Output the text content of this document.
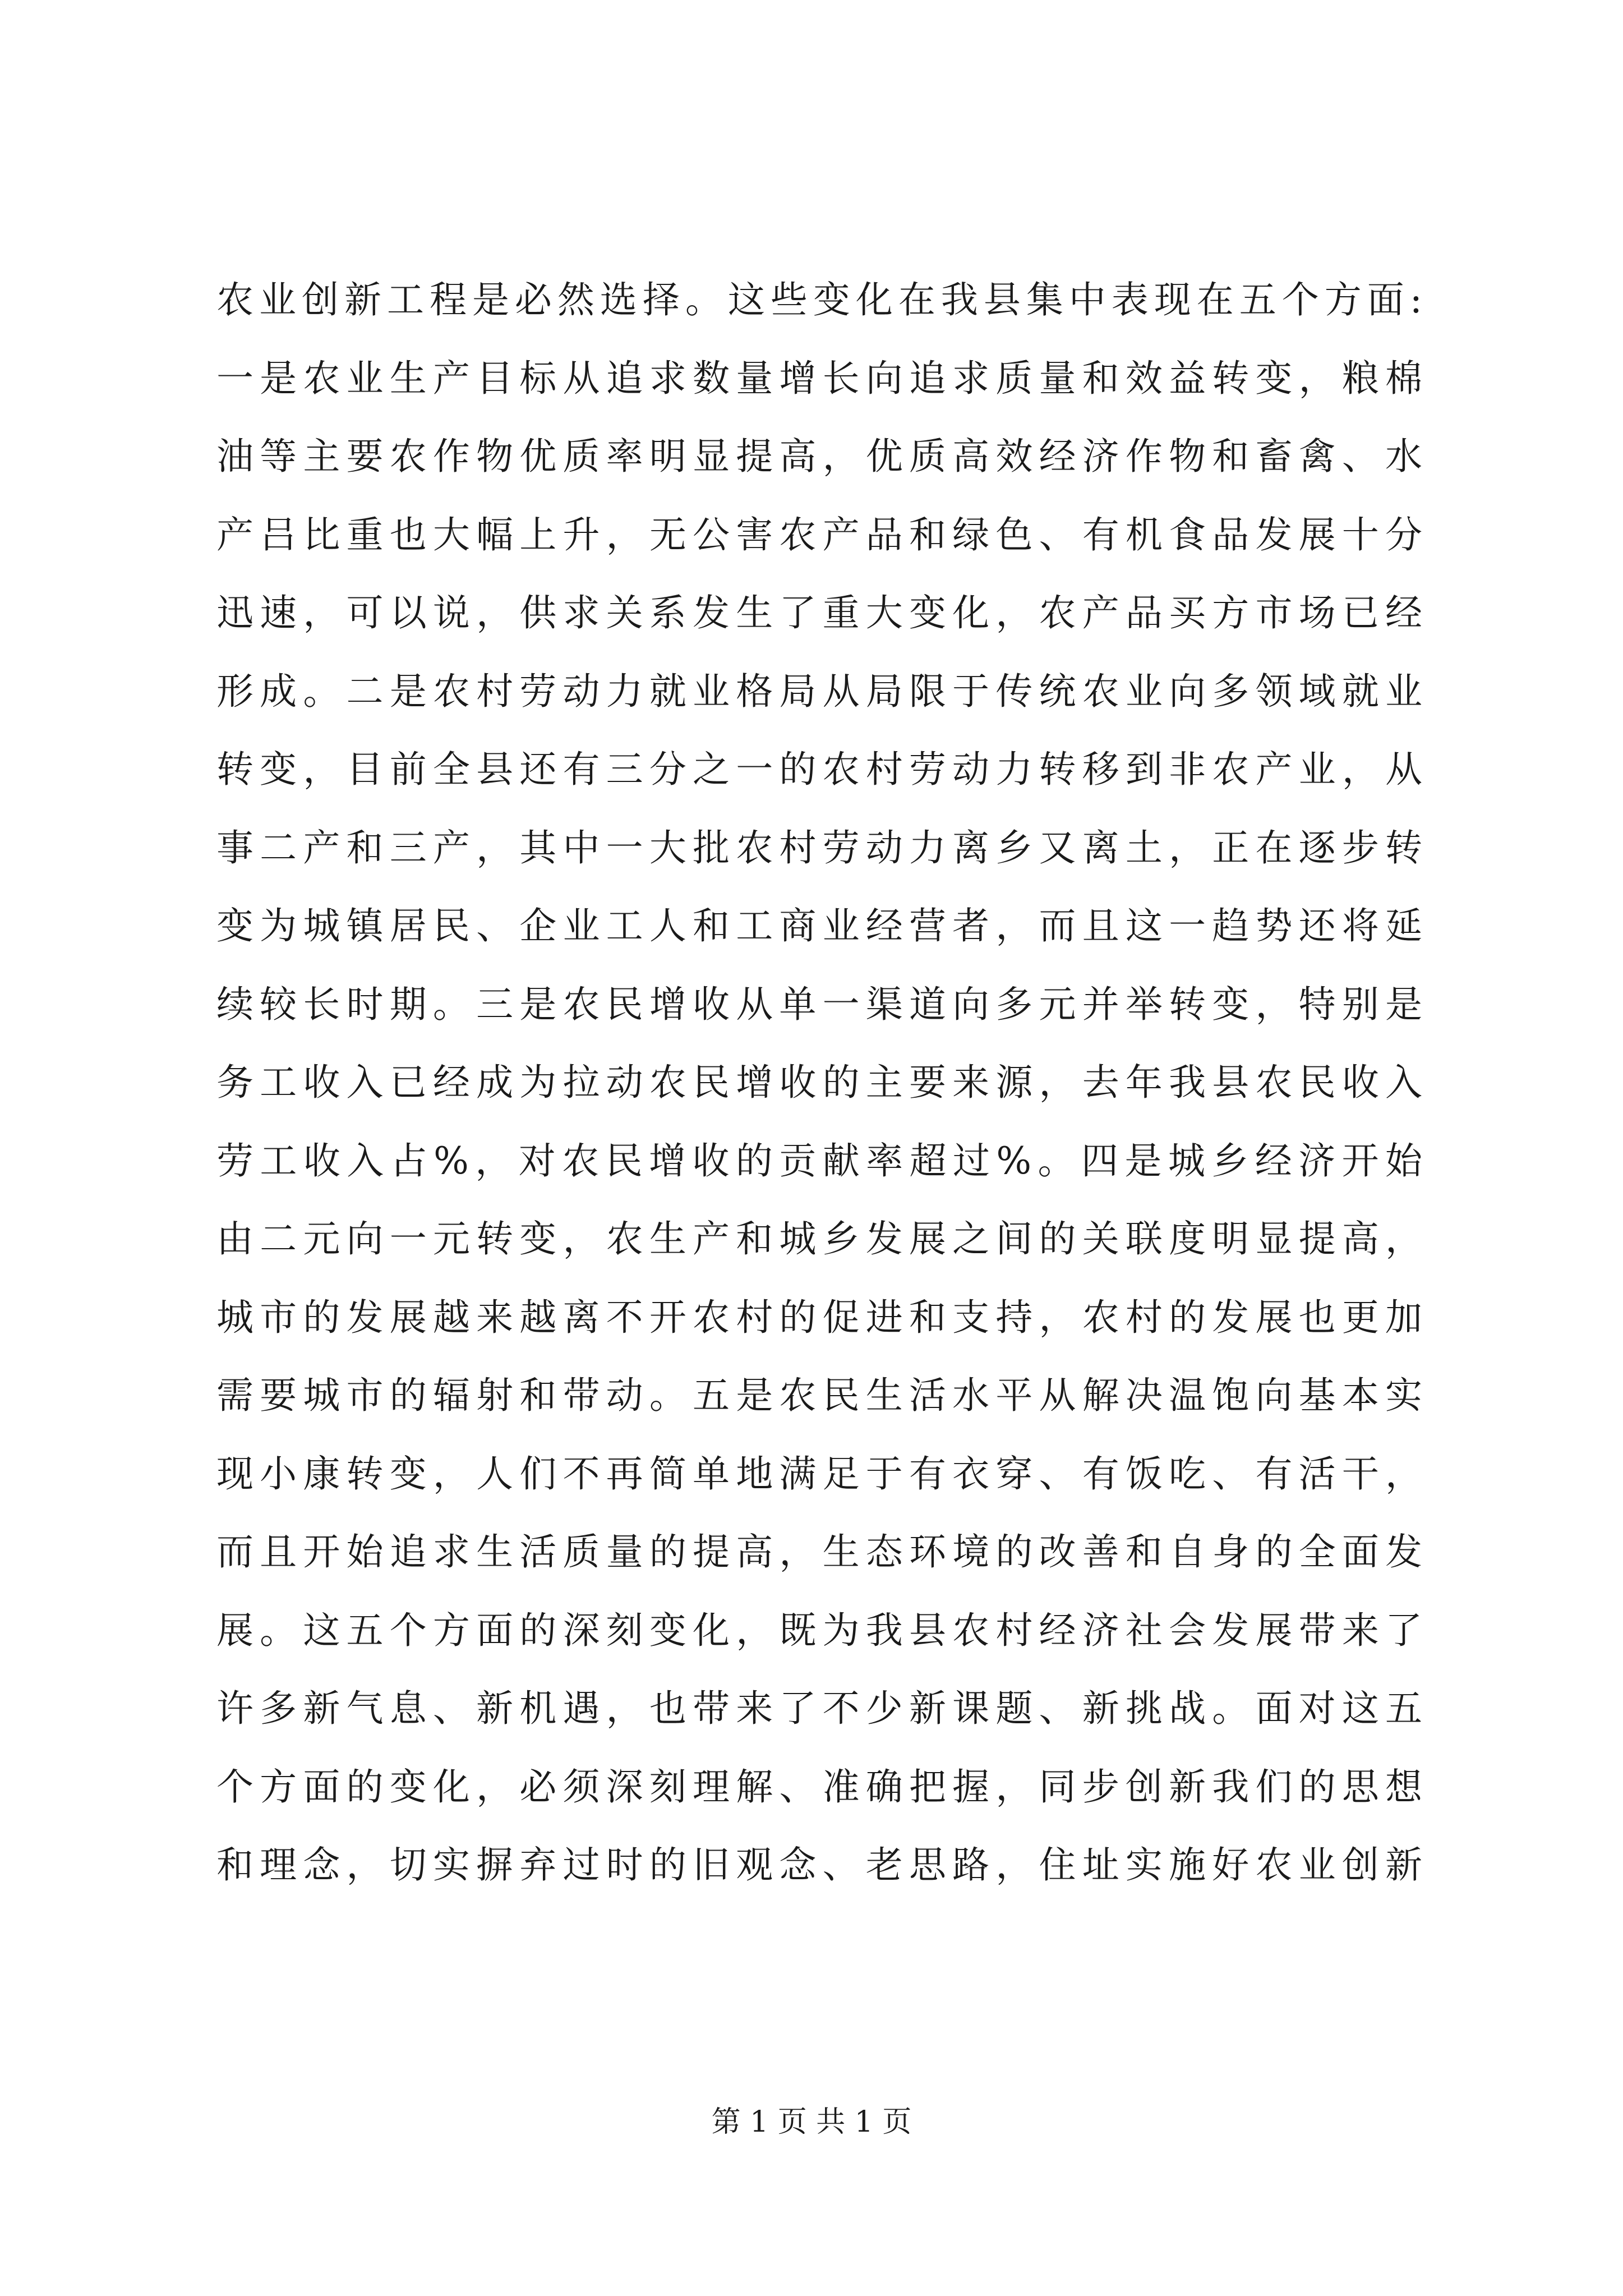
农业创新工程是必然选择。这些变化在我县集中表现在五个方面:
一是农业生产目标从追求数量增长向追求质量和效益转变，粮棉
油等主要农作物优质率明显提高，优质高效经济作物和畜禽、水
产吕比重也大幅上升，无公害农产品和绿色、有机食品发展十分
迅速，可以说，供求关系发生了重大变化，农产品买方市场已经
形成。二是农村劳动力就业格局从局限于传统农业向多领域就业
转变，目前全县还有三分之一的农村劳动力转移到非农产业，从
事二产和三产，其中一大批农村劳动力离乡又离土，正在逐步转
变为城镇居民、企业工人和工商业经营者，而且这一趋势还将延
续较长时期。三是农民增收从单一渠道向多元并举转变，特别是
务工收入已经成为拉动农民增收的主要来源，去年我县农民收入
劳工收入占%，对农民增收的贡献率超过%。四是城乡经济开始
由二元向一元转变，农生产和城乡发展之间的关联度明显提高，
城市的发展越来越离不开农村的促进和支持，农村的发展也更加
需要城市的辐射和带动。五是农民生活水平从解决温饱向基本实
现小康转变，人们不再简单地满足于有衣穿、有饭吃、有活干，
而且开始追求生活质量的提高，生态环境的改善和自身的全面发
展。这五个方面的深刻变化，既为我县农村经济社会发展带来了
许多新气息、新机遇，也带来了不少新课题、新挑战。面对这五
个方面的变化，必须深刻理解、准确把握，同步创新我们的思想
和理念，切实摒弃过时的旧观念、老思路，住址实施好农业创新
第 1 页 共 1 页
